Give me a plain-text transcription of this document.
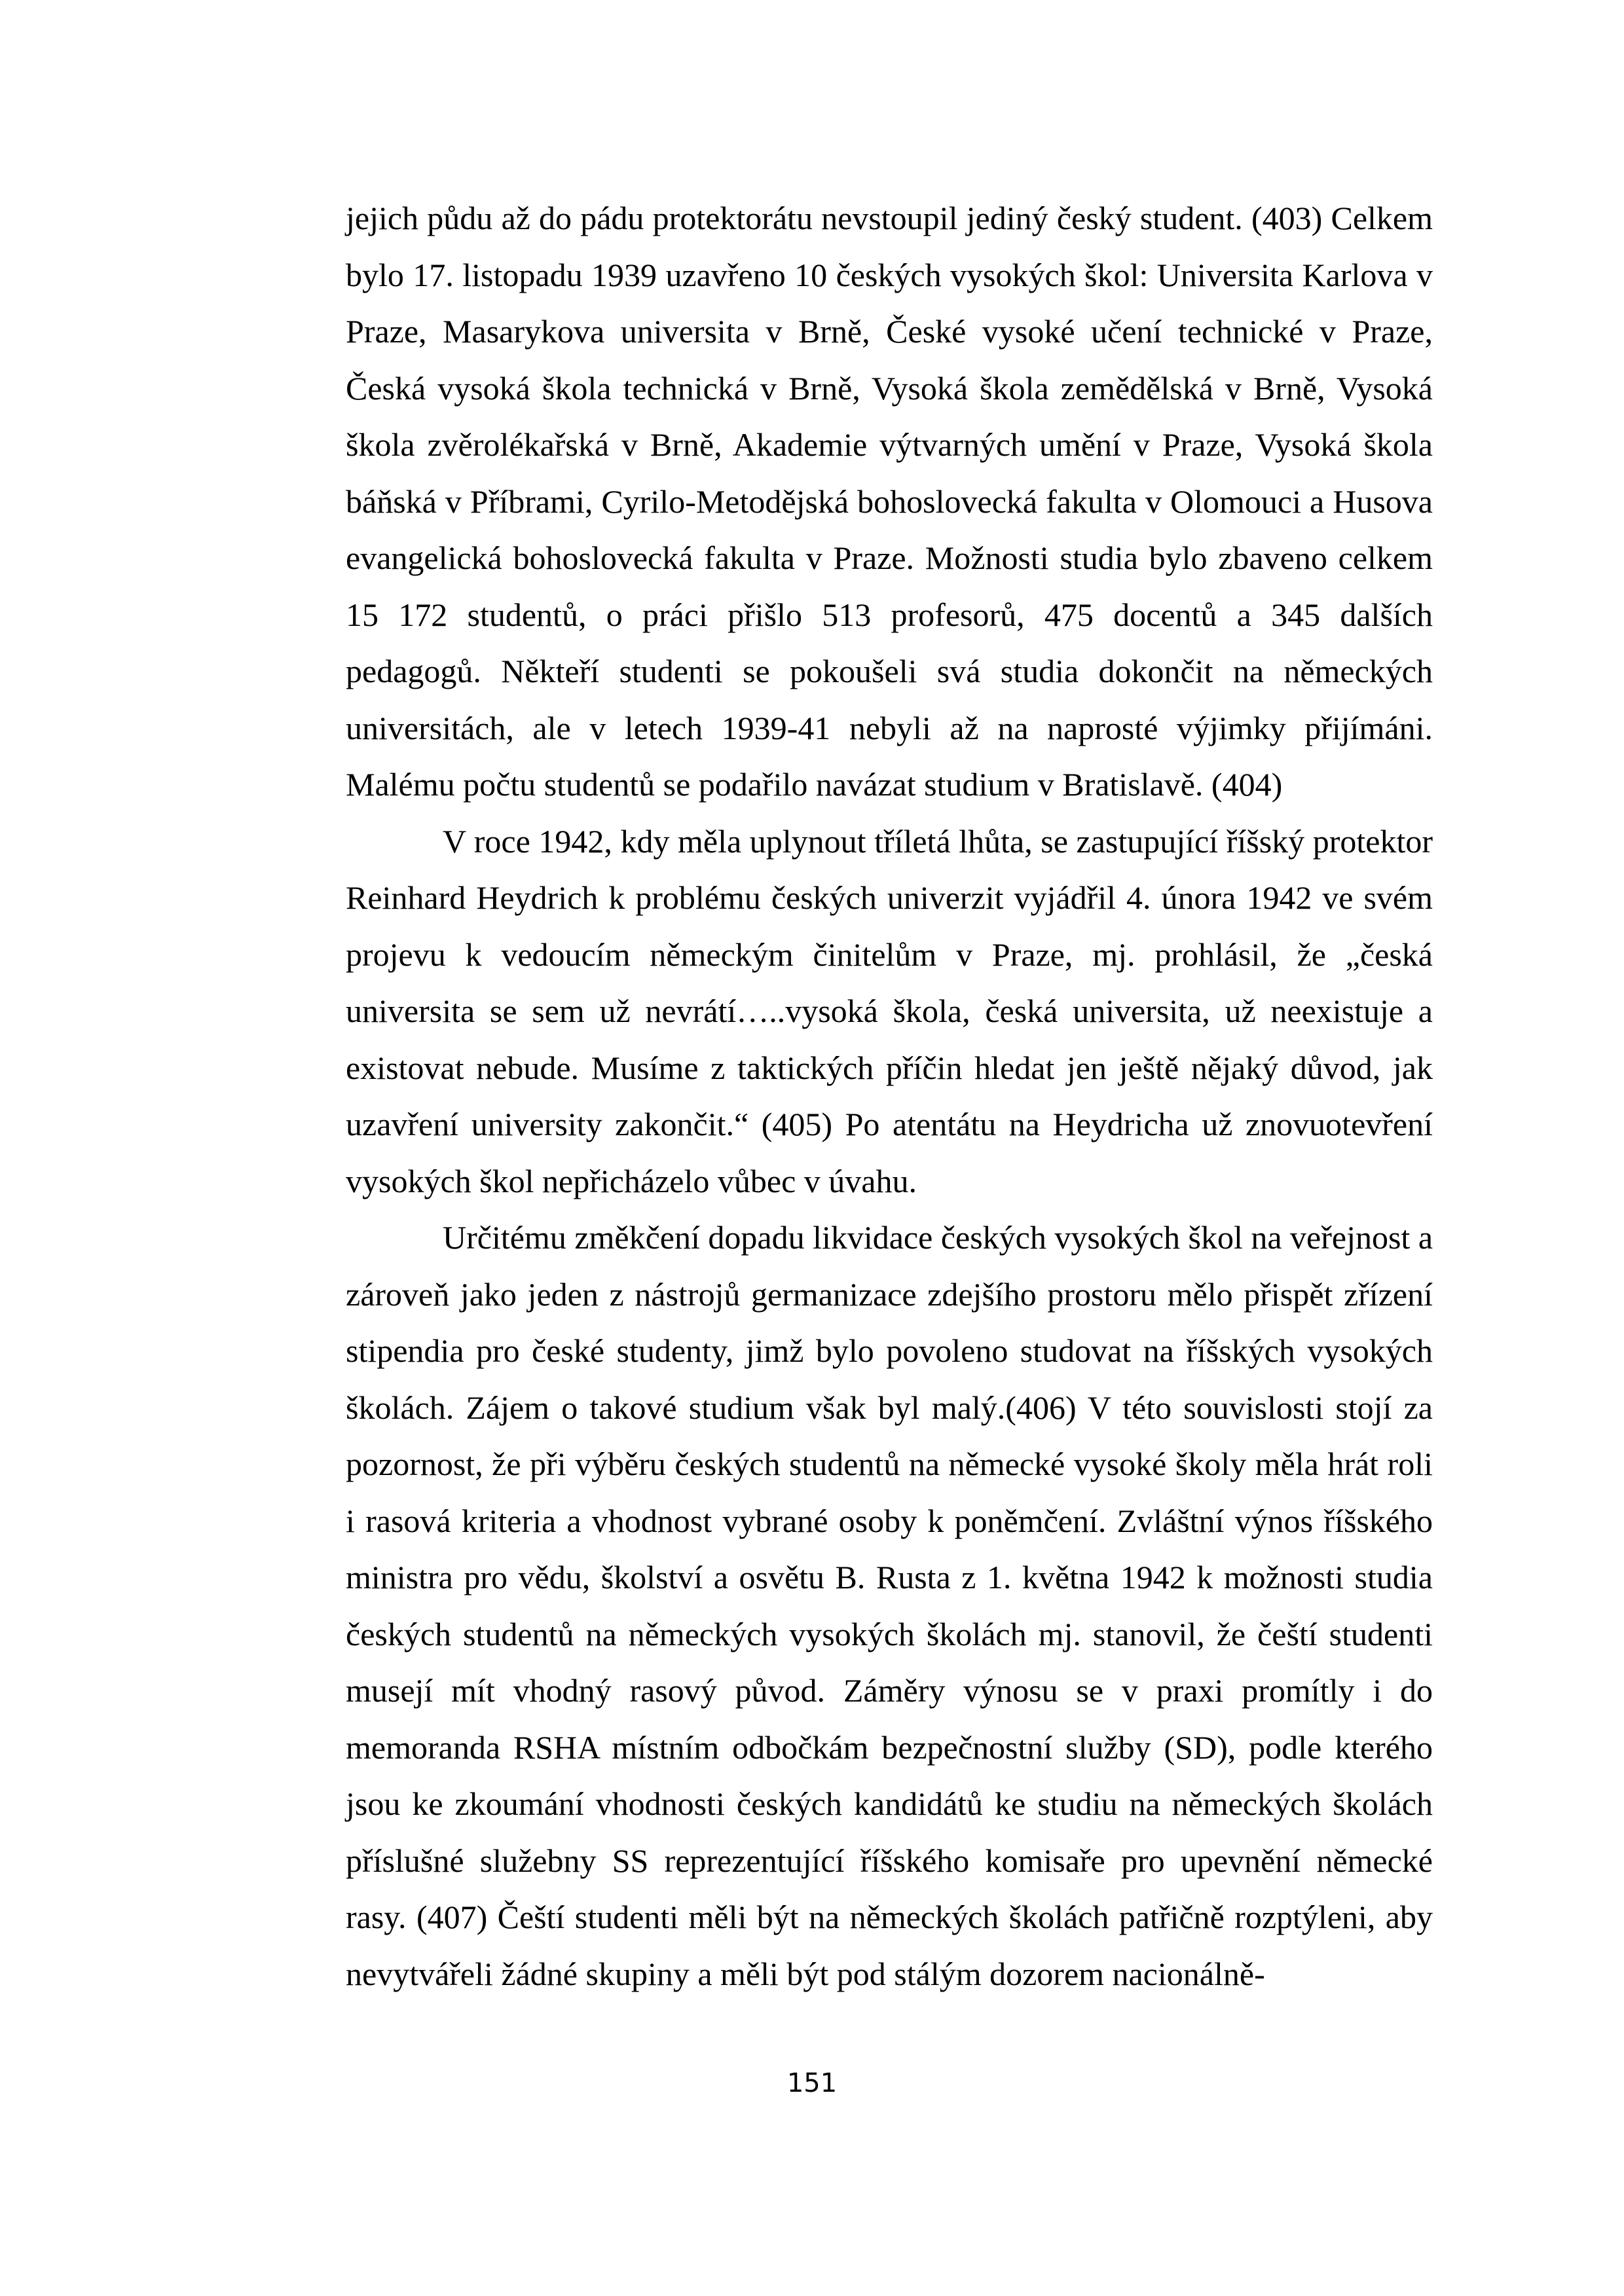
jejich půdu až do pádu protektorátu nevstoupil jediný český student. (403) Celkem bylo 17. listopadu 1939 uzavřeno 10 českých vysokých škol: Universita Karlova v Praze, Masarykova universita v Brně, České vysoké učení technické v Praze, Česká vysoká škola technická v Brně, Vysoká škola zemědělská v Brně, Vysoká škola zvěrolékařská v Brně, Akademie výtvarných umění v Praze, Vysoká škola báňská v Příbrami, Cyrilo-Metodějská bohoslovecká fakulta v Olomouci a Husova evangelická bohoslovecká fakulta v Praze. Možnosti studia bylo zbaveno celkem 15 172 studentů, o práci přišlo 513 profesorů, 475 docentů a 345 dalších pedagogů. Někteří studenti se pokoušeli svá studia dokončit na německých universitách, ale v letech 1939-41 nebyli až na naprosté výjimky přijímáni. Malému počtu studentů se podařilo navázat studium v Bratislavě. (404)

V roce 1942, kdy měla uplynout tříletá lhůta, se zastupující říšský protektor Reinhard Heydrich k problému českých univerzit vyjádřil 4. února 1942 ve svém projevu k vedoucím německým činitelům v Praze, mj. prohlásil, že „česká universita se sem už nevrátí…..vysoká škola, česká universita, už neexistuje a existovat nebude. Musíme z taktických příčin hledat jen ještě nějaký důvod, jak uzavření university zakončit.“ (405) Po atentátu na Heydricha už znovuotevření vysokých škol nepřicházelo vůbec v úvahu.

Určitému změkčení dopadu likvidace českých vysokých škol na veřejnost a zároveň jako jeden z nástrojů germanizace zdejšího prostoru mělo přispět zřízení stipendia pro české studenty, jimž bylo povoleno studovat na říšských vysokých školách. Zájem o takové studium však byl malý.(406) V této souvislosti stojí za pozornost, že při výběru českých studentů na německé vysoké školy měla hrát roli i rasová kriteria a vhodnost vybrané osoby k poněmčení. Zvláštní výnos říšského ministra pro vědu, školství a osvětu B. Rusta z 1. května 1942 k možnosti studia českých studentů na německých vysokých školách mj. stanovil, že čeští studenti musejí mít vhodný rasový původ. Záměry výnosu se v praxi promítly i do memoranda RSHA místním odbočkám bezpečnostní služby (SD), podle kterého jsou ke zkoumání vhodnosti českých kandidátů ke studiu na německých školách příslušné služebny SS reprezentující říšského komisaře pro upevnění německé rasy. (407) Čeští studenti měli být na německých školách patřičně rozptýleni, aby nevytvářeli žádné skupiny a měli být pod stálým dozorem nacionálně-

151
